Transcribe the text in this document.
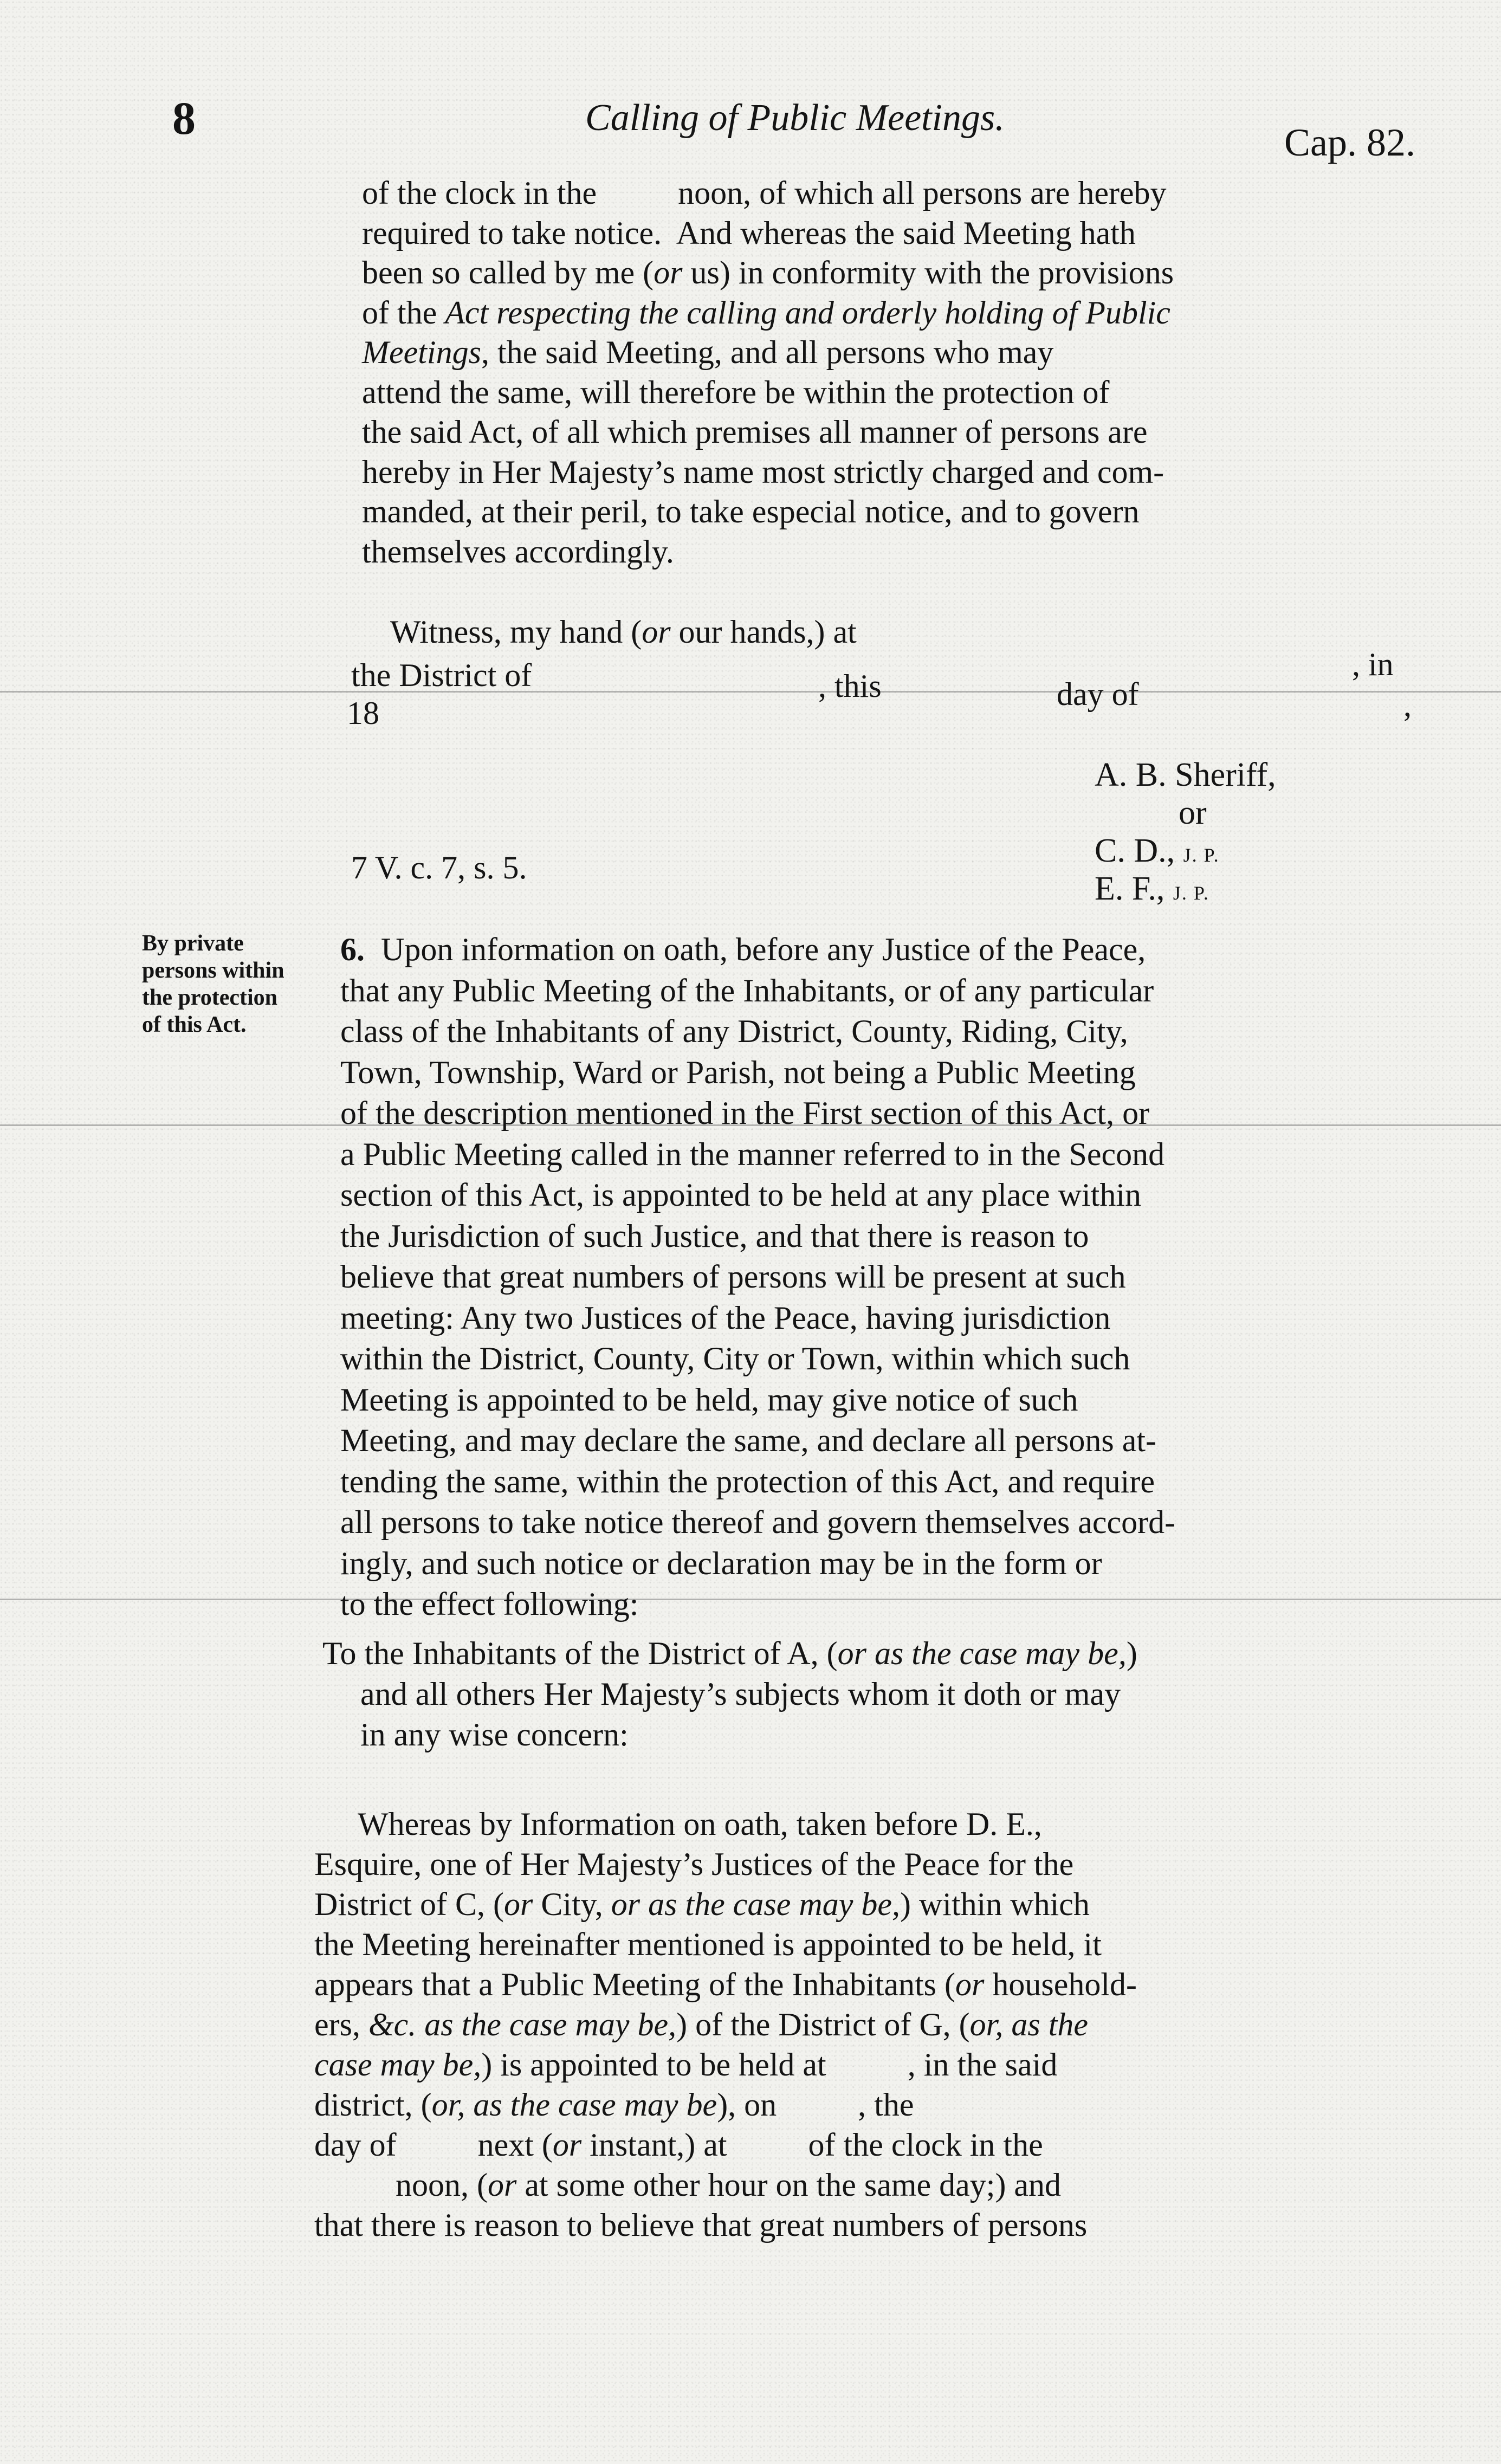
8	Calling of Public Meetings.
Cap. 82.
of the clock in the          noon, of which all persons are hereby
required to take notice.  And whereas the said Meeting hath
been so called by me (or us) in conformity with the provisions
of the Act respecting the calling and orderly holding of Public
Meetings, the said Meeting, and all persons who may
attend the same, will therefore be within the protection of
the said Act, of all which premises all manner of persons are
hereby in Her Majesty’s name most strictly charged and com-
manded, at their peril, to take especial notice, and to govern
themselves accordingly.
Witness, my hand (or our hands,) at
, in
the District of	, this	day of	,
18
A. B. Sheriff,
or
C. D., J. P.
E. F., J. P.
7 V. c. 7, s. 5.
By private
persons within
the protection
of this Act.
6.  Upon information on oath, before any Justice of the Peace,
that any Public Meeting of the Inhabitants, or of any particular
class of the Inhabitants of any District, County, Riding, City,
Town, Township, Ward or Parish, not being a Public Meeting
of the description mentioned in the First section of this Act, or
a Public Meeting called in the manner referred to in the Second
section of this Act, is appointed to be held at any place within
the Jurisdiction of such Justice, and that there is reason to
believe that great numbers of persons will be present at such
meeting: Any two Justices of the Peace, having jurisdiction
within the District, County, City or Town, within which such
Meeting is appointed to be held, may give notice of such
Meeting, and may declare the same, and declare all persons at-
tending the same, within the protection of this Act, and require
all persons to take notice thereof and govern themselves accord-
ingly, and such notice or declaration may be in the form or
to the effect following:
To the Inhabitants of the District of A, (or as the case may be,)
and all others Her Majesty’s subjects whom it doth or may
in any wise concern:
Whereas by Information on oath, taken before D. E.,
Esquire, one of Her Majesty’s Justices of the Peace for the
District of C, (or City, or as the case may be,) within which
the Meeting hereinafter mentioned is appointed to be held, it
appears that a Public Meeting of the Inhabitants (or household-
ers, &c. as the case may be,) of the District of G, (or, as the
case may be,) is appointed to be held at          , in the said
district, (or, as the case may be), on          , the
day of          next (or instant,) at          of the clock in the
noon, (or at some other hour on the same day;) and
that there is reason to believe that great numbers of persons
